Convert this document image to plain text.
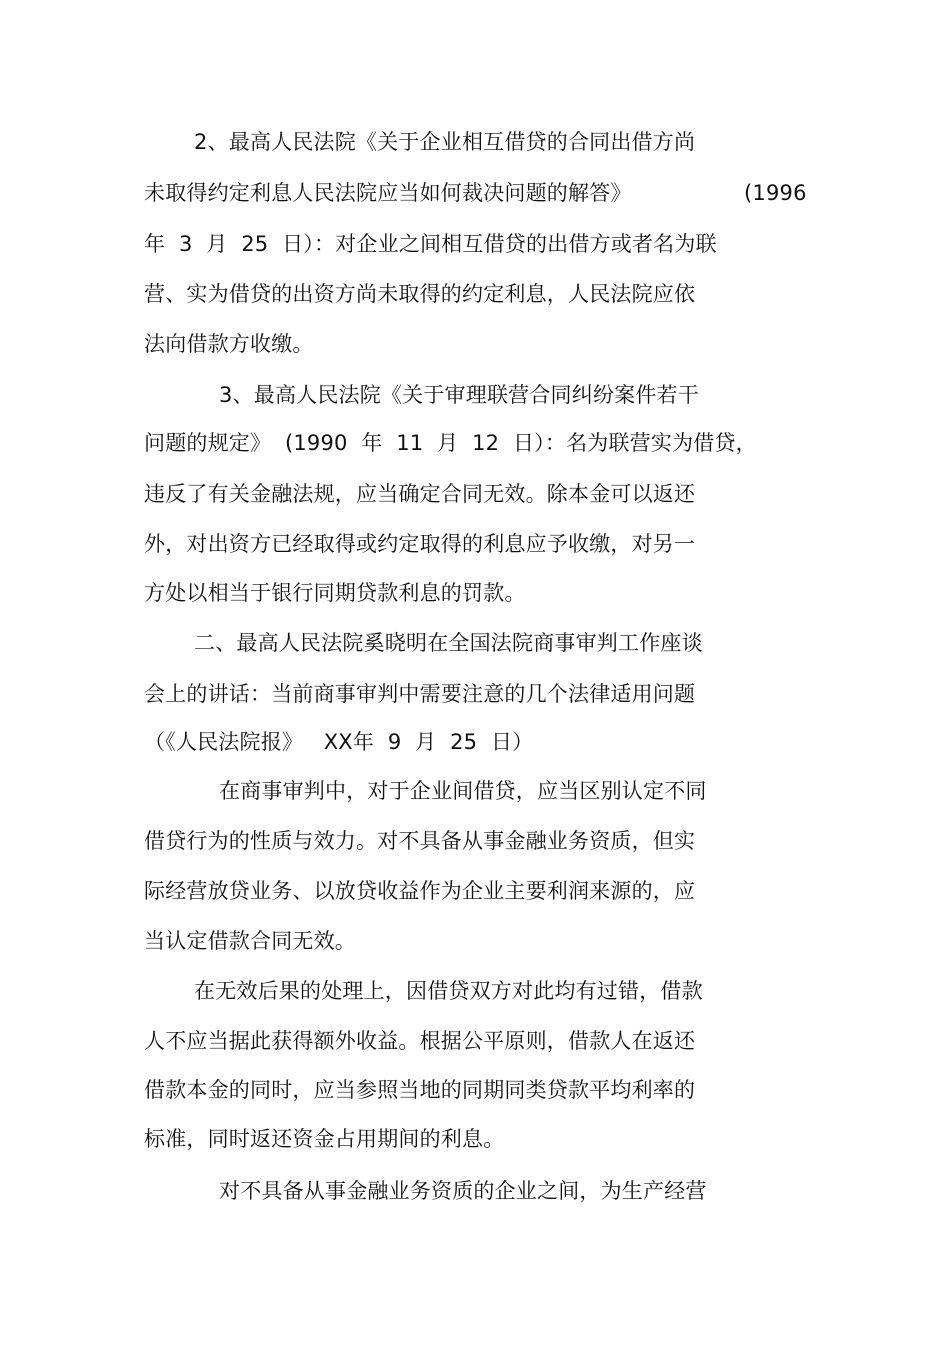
2、最高人民法院《关于企业相互借贷的合同出借方尚
未取得约定利息人民法院应当如何裁决问题的解答》	(1996
年  3  月  25  日）：对企业之间相互借贷的出借方或者名为联
营、实为借贷的出资方尚未取得的约定利息，人民法院应依
法向借款方收缴。
3、最高人民法院《关于审理联营合同纠纷案件若干
问题的规定》  (1990  年  11  月  12  日）：名为联营实为借贷，
违反了有关金融法规，应当确定合同无效。除本金可以返还
外，对出资方已经取得或约定取得的利息应予收缴，对另一
方处以相当于银行同期贷款利息的罚款。
二、最高人民法院奚晓明在全国法院商事审判工作座谈
会上的讲话：当前商事审判中需要注意的几个法律适用问题
（《人民法院报》   XX年  9  月  25  日）
在商事审判中，对于企业间借贷，应当区别认定不同
借贷行为的性质与效力。对不具备从事金融业务资质，但实
际经营放贷业务、以放贷收益作为企业主要利润来源的，应
当认定借款合同无效。
在无效后果的处理上，因借贷双方对此均有过错，借款
人不应当据此获得额外收益。根据公平原则，借款人在返还
借款本金的同时，应当参照当地的同期同类贷款平均利率的
标准，同时返还资金占用期间的利息。
对不具备从事金融业务资质的企业之间，为生产经营
